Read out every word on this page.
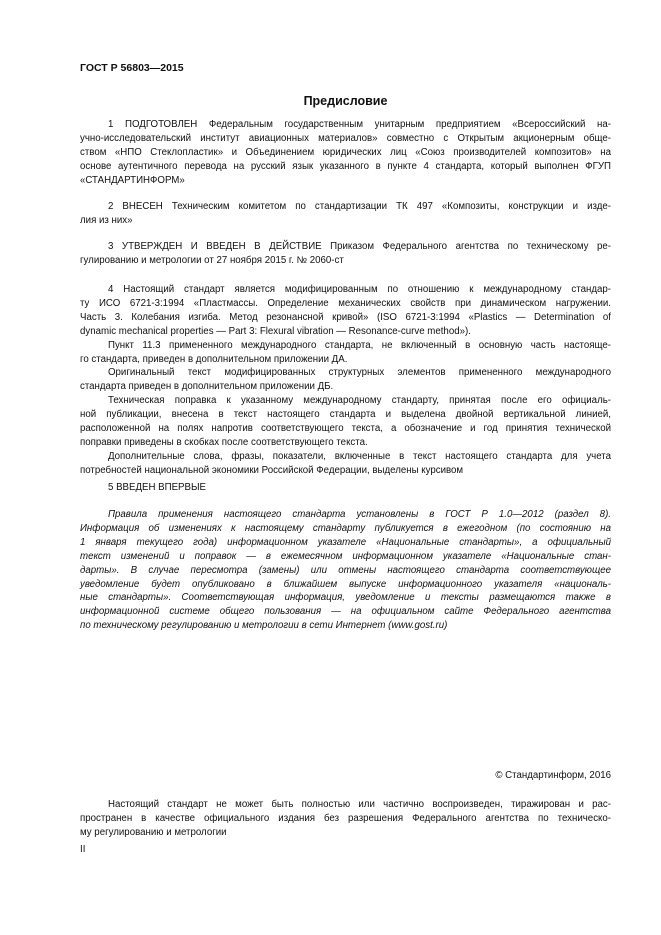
ГОСТ Р 56803—2015
Предисловие
1 ПОДГОТОВЛЕН Федеральным государственным унитарным предприятием «Всероссийский на-
учно-исследовательский институт авиационных материалов» совместно с Открытым акционерным обще-
ством «НПО Стеклопластик» и Объединением юридических лиц «Союз производителей композитов» на
основе аутентичного перевода на русский язык указанного в пункте 4 стандарта, который выполнен ФГУП
«СТАНДАРТИНФОРМ»
2 ВНЕСЕН Техническим комитетом по стандартизации ТК 497 «Композиты, конструкции и изде-
лия из них»
3 УТВЕРЖДЕН И ВВЕДЕН В ДЕЙСТВИЕ Приказом Федерального агентства по техническому ре-
гулированию и метрологии от 27 ноября 2015 г. № 2060-ст
4 Настоящий стандарт является модифицированным по отношению к международному стандар-
ту ИСО 6721-3:1994 «Пластмассы. Определение механических свойств при динамическом нагружении.
Часть 3. Колебания изгиба. Метод резонансной кривой» (ISO 6721-3:1994 «Plastics — Determination of
dynamic mechanical properties — Part 3: Flexural vibration — Resonance-curve method»).
Пункт 11.3 примененного международного стандарта, не включенный в основную часть настояще-
го стандарта, приведен в дополнительном приложении ДА.
Оригинальный текст модифицированных структурных элементов примененного международного
стандарта приведен в дополнительном приложении ДБ.
Техническая поправка к указанному международному стандарту, принятая после его официаль-
ной публикации, внесена в текст настоящего стандарта и выделена двойной вертикальной линией,
расположенной на полях напротив соответствующего текста, а обозначение и год принятия технической
поправки приведены в скобках после соответствующего текста.
Дополнительные слова, фразы, показатели, включенные в текст настоящего стандарта для учета
потребностей национальной экономики Российской Федерации, выделены курсивом
5 ВВЕДЕН ВПЕРВЫЕ
Правила применения настоящего стандарта установлены в ГОСТ Р 1.0—2012 (раздел 8).
Информация об изменениях к настоящему стандарту публикуется в ежегодном (по состоянию на
1 января текущего года) информационном указателе «Национальные стандарты», а официальный
текст изменений и поправок — в ежемесячном информационном указателе «Национальные стан-
дарты». В случае пересмотра (замены) или отмены настоящего стандарта соответствующее
уведомление будет опубликовано в ближайшем выпуске информационного указателя «националь-
ные стандарты». Соответствующая информация, уведомление и тексты размещаются также в
информационной системе общего пользования — на официальном сайте Федерального агентства
по техническому регулированию и метрологии в сети Интернет (www.gost.ru)
© Стандартинформ, 2016
Настоящий стандарт не может быть полностью или частично воспроизведен, тиражирован и рас-
пространен в качестве официального издания без разрешения Федерального агентства по техническо-
му регулированию и метрологии
II
